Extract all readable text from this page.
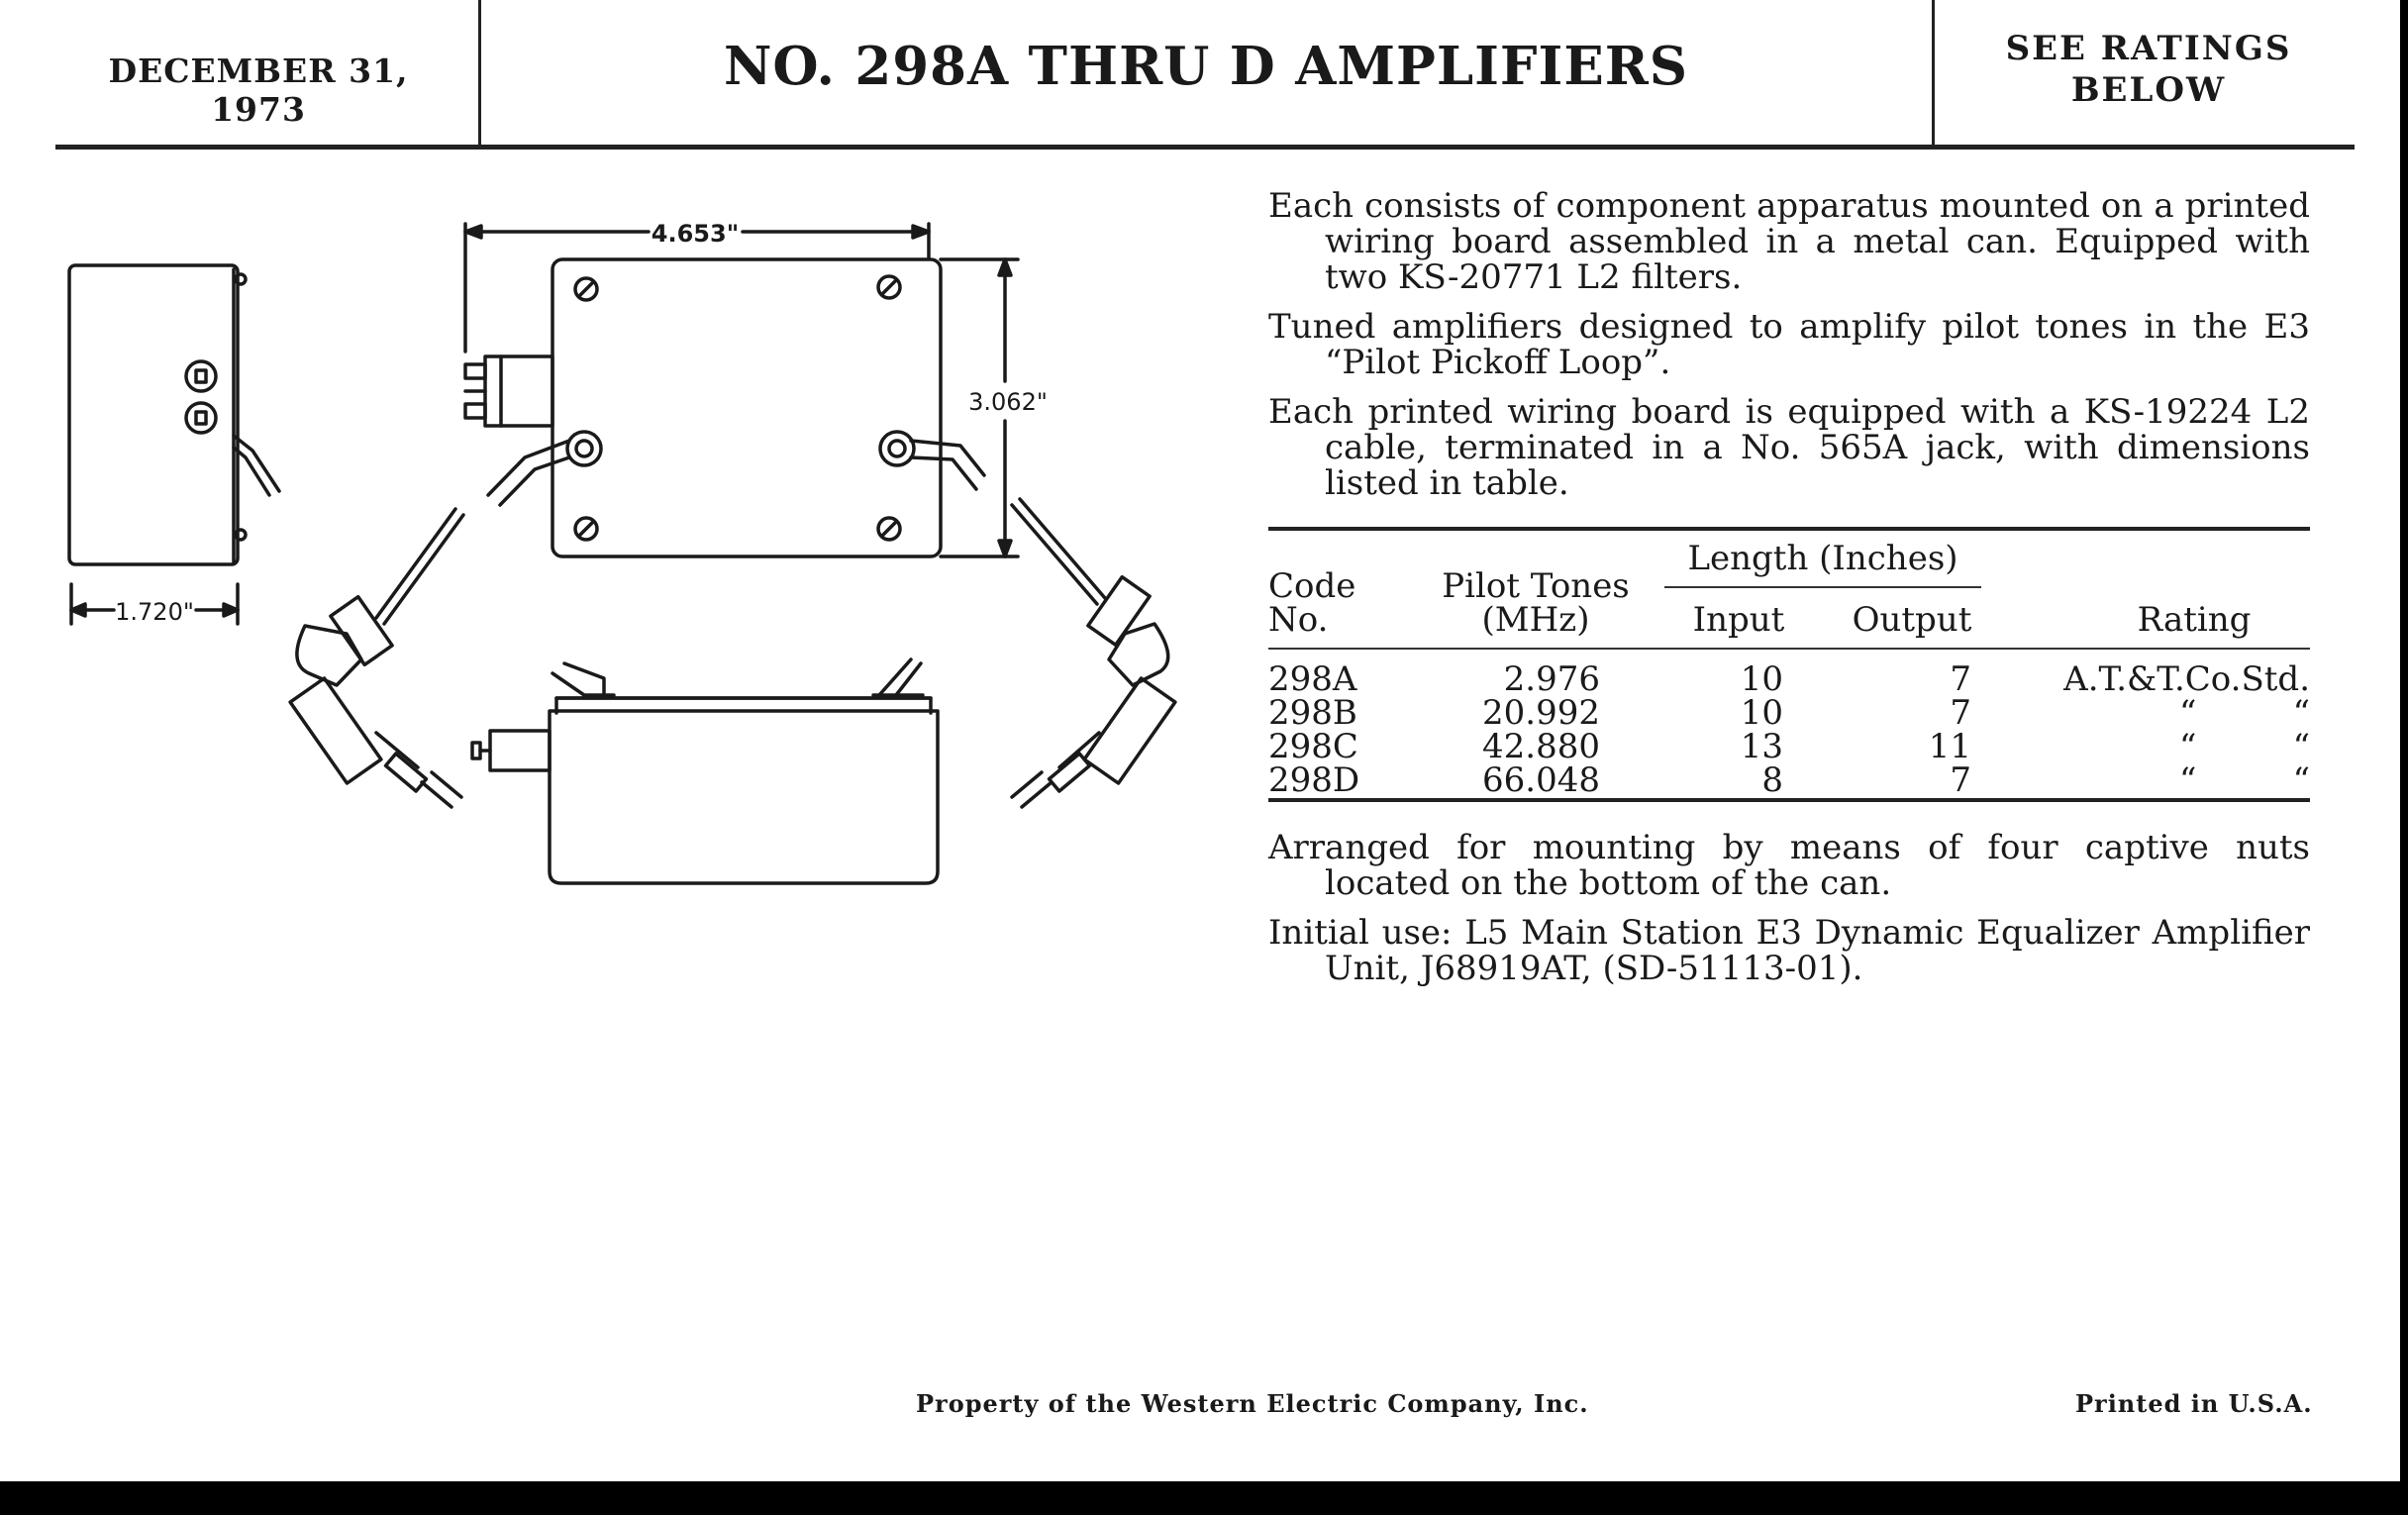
DECEMBER 31, 1973
NO. 298A THRU D AMPLIFIERS	SEE RATINGS
BELOW
4.653"
3.062"
1.720"

Each consists of component apparatus mounted on a printed wiring board assembled in a metal can. Equipped with two KS-20771 L2 filters.

Tuned amplifiers designed to amplify pilot tones in the E3 “Pilot Pickoff Loop”.

Each printed wiring board is equipped with a KS-19224 L2 cable, terminated in a No. 565A jack, with dimensions listed in table.

Code
No.
Pilot Tones
(MHz)
Length (Inches)
Input	Output	Rating
298A	2.976	10	7	A.T.&T.Co.Std.
298B	20.992	10	7	“         “
298C	42.880	13	11	“         “
298D	66.048	8	7	“         “

Arranged for mounting by means of four captive nuts located on the bottom of the can.

Initial use: L5 Main Station E3 Dynamic Equalizer Amplifier Unit, J68919AT, (SD-51113-01).

Property of the Western Electric Company, Inc.	Printed in U.S.A.
